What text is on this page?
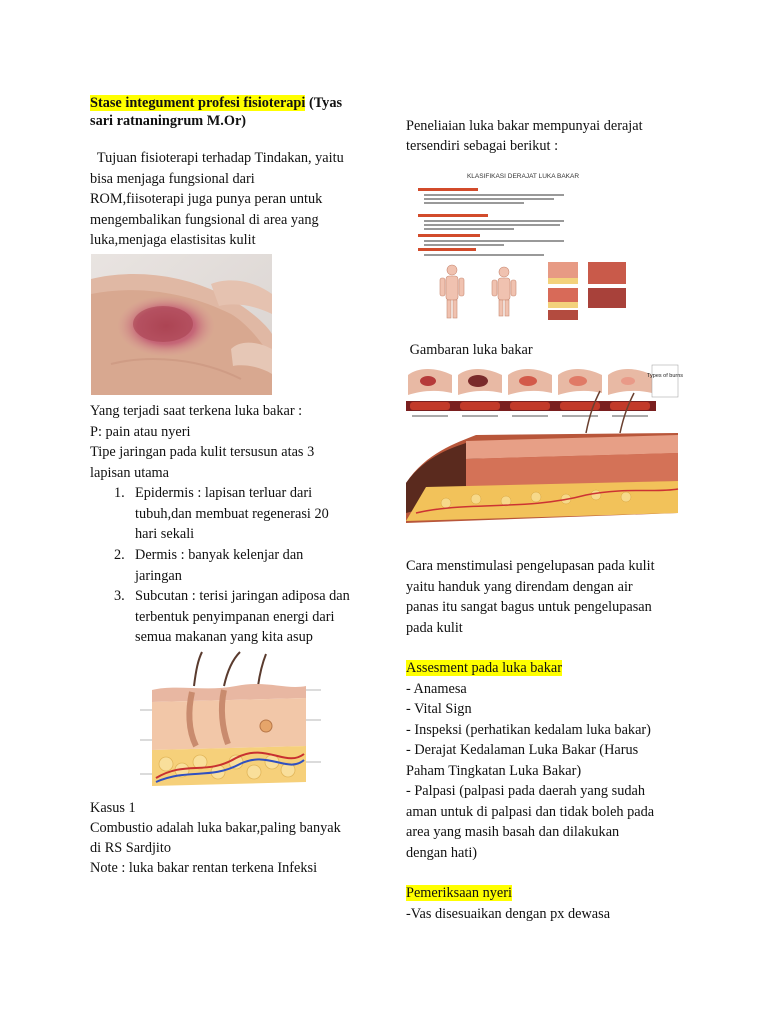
Stase integument profesi fisioterapi (Tyas
sari ratnaningrum M.Or)
Tujuan fisioterapi terhadap Tindakan, yaitu
bisa menjaga fungsional dari
ROM,fiisoterapi juga punya peran untuk
mengembalikan fungsional di area yang
luka,menjaga elastisitas kulit
Yang terjadi saat terkena luka bakar :
P: pain atau nyeri
Tipe jaringan pada kulit tersusun atas 3
lapisan utama
1. Epidermis : lapisan terluar dari
tubuh,dan membuat regenerasi 20
hari sekali
2. Dermis : banyak kelenjar dan
jaringan
3. Subcutan : terisi jaringan adiposa dan
terbentuk penyimpanan energi dari
semua makanan yang kita asup
Kasus 1
Combustio adalah luka bakar,paling banyak
di RS Sardjito
Note : luka bakar rentan terkena Infeksi
Peneliaian luka bakar mempunyai derajat
tersendiri sebagai berikut :
KLASIFIKASI DERAJAT LUKA BAKAR
Gambaran luka bakar
Types of burns
Cara menstimulasi pengelupasan pada kulit
yaitu handuk yang direndam dengan air
panas itu sangat bagus untuk pengelupasan
pada kulit
Assesment pada luka bakar
- Anamesa
- Vital Sign
- Inspeksi (perhatikan kedalam luka bakar)
- Derajat Kedalaman Luka Bakar (Harus
Paham Tingkatan Luka Bakar)
- Palpasi (palpasi pada daerah yang sudah
aman untuk di palpasi dan tidak boleh pada
area yang masih basah dan dilakukan
dengan hati)
Pemeriksaan nyeri
-Vas disesuaikan dengan px dewasa
